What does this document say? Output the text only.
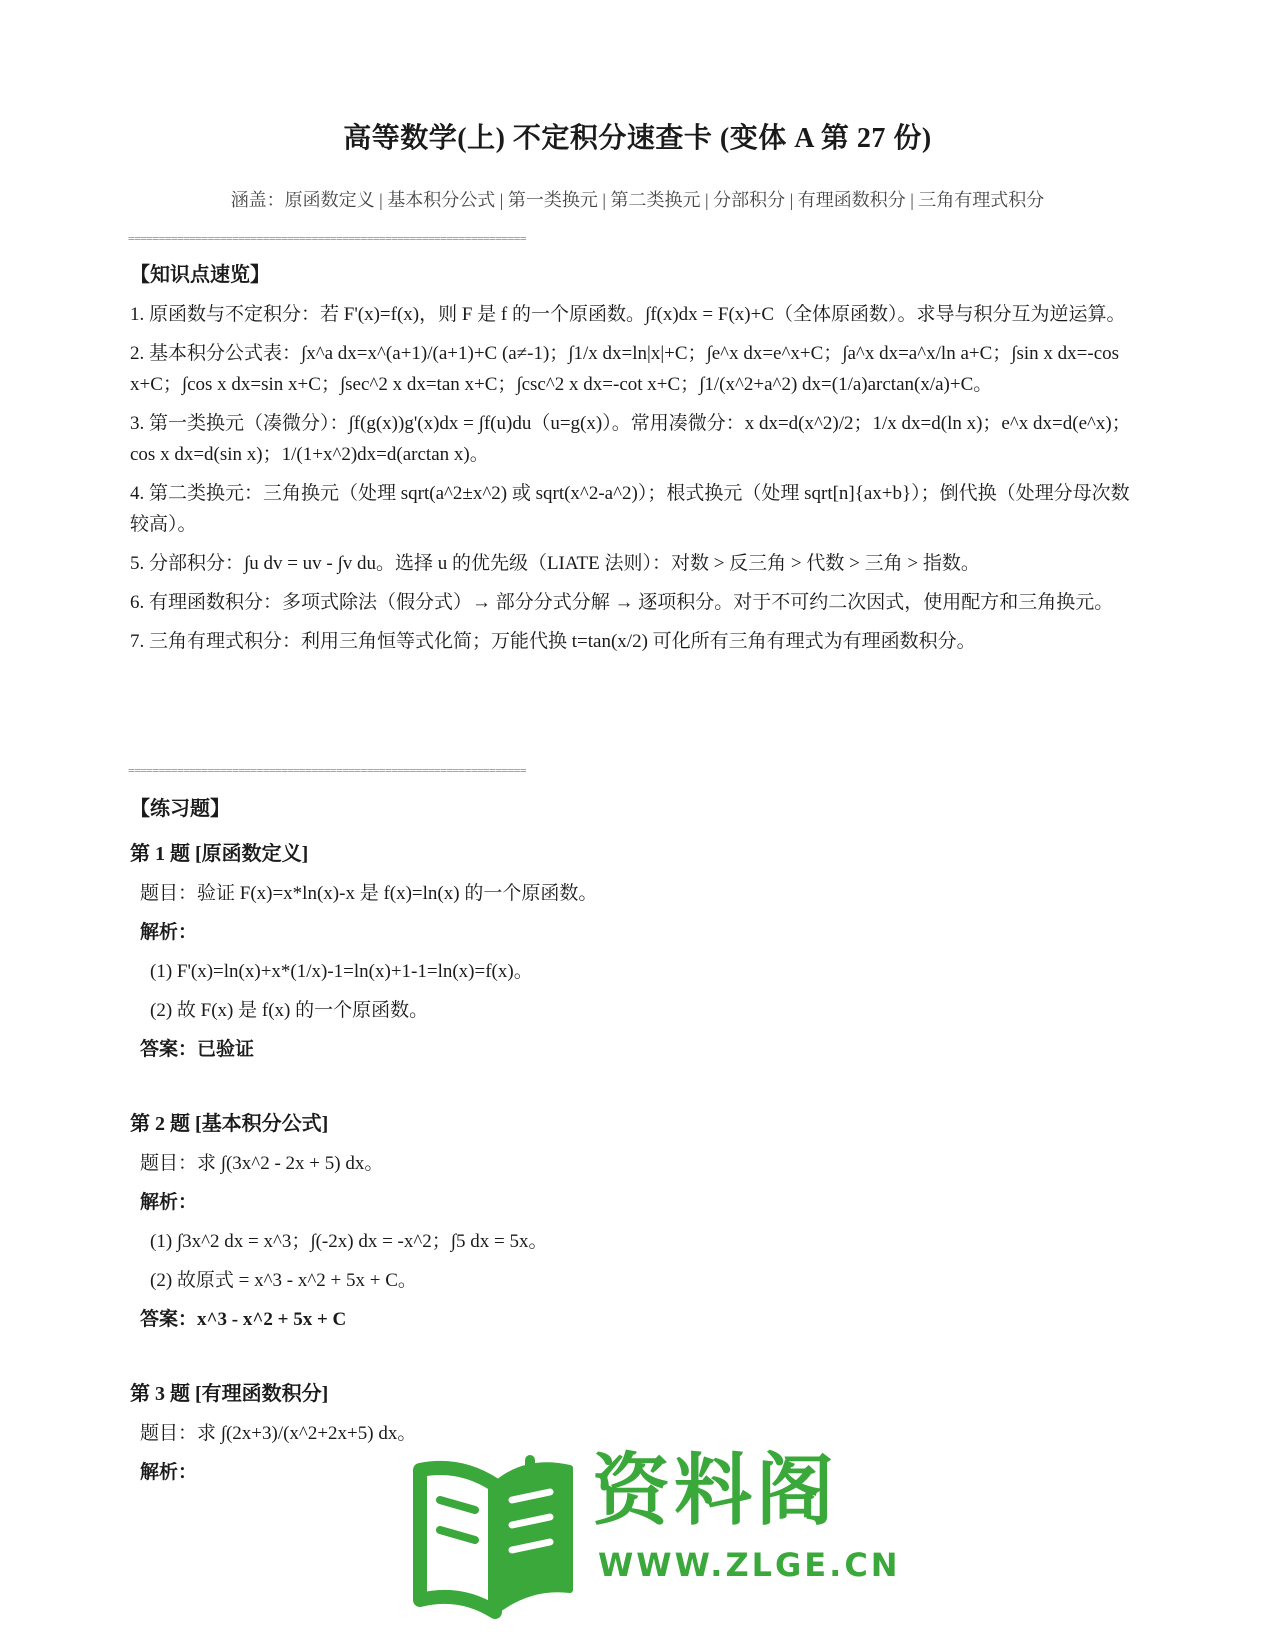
高等数学(上) 不定积分速查卡 (变体 A 第 27 份)
涵盖：原函数定义 | 基本积分公式 | 第一类换元 | 第二类换元 | 分部积分 | 有理函数积分 | 三角有理式积分
=================================================================
【知识点速览】
1. 原函数与不定积分：若 F'(x)=f(x)，则 F 是 f 的一个原函数。∫f(x)dx = F(x)+C（全体原函数）。求导与积分互为逆运算。
2. 基本积分公式表：∫x^a dx=x^(a+1)/(a+1)+C (a≠-1)；∫1/x dx=ln|x|+C；∫e^x dx=e^x+C；∫a^x dx=a^x/ln a+C；∫sin x dx=-cos x+C；∫cos x dx=sin x+C；∫sec^2 x dx=tan x+C；∫csc^2 x dx=-cot x+C；∫1/(x^2+a^2) dx=(1/a)arctan(x/a)+C。
3. 第一类换元（凑微分）：∫f(g(x))g'(x)dx = ∫f(u)du（u=g(x)）。常用凑微分：x dx=d(x^2)/2；1/x dx=d(ln x)；e^x dx=d(e^x)；cos x dx=d(sin x)；1/(1+x^2)dx=d(arctan x)。
4. 第二类换元：三角换元（处理 sqrt(a^2±x^2) 或 sqrt(x^2-a^2)）；根式换元（处理 sqrt[n]{ax+b}）；倒代换（处理分母次数较高）。
5. 分部积分：∫u dv = uv - ∫v du。选择 u 的优先级（LIATE 法则）：对数 > 反三角 > 代数 > 三角 > 指数。
6. 有理函数积分：多项式除法（假分式）→ 部分分式分解 → 逐项积分。对于不可约二次因式，使用配方和三角换元。
7. 三角有理式积分：利用三角恒等式化简；万能代换 t=tan(x/2) 可化所有三角有理式为有理函数积分。
=================================================================
【练习题】
第 1 题 [原函数定义]
题目：验证 F(x)=x*ln(x)-x 是 f(x)=ln(x) 的一个原函数。
解析：
(1) F'(x)=ln(x)+x*(1/x)-1=ln(x)+1-1=ln(x)=f(x)。
(2) 故 F(x) 是 f(x) 的一个原函数。
答案：已验证
第 2 题 [基本积分公式]
题目：求 ∫(3x^2 - 2x + 5) dx。
解析：
(1) ∫3x^2 dx = x^3；∫(-2x) dx = -x^2；∫5 dx = 5x。
(2) 故原式 = x^3 - x^2 + 5x + C。
答案：x^3 - x^2 + 5x + C
第 3 题 [有理函数积分]
题目：求 ∫(2x+3)/(x^2+2x+5) dx。
解析：	资料阁
WWW.ZLGE.CN
